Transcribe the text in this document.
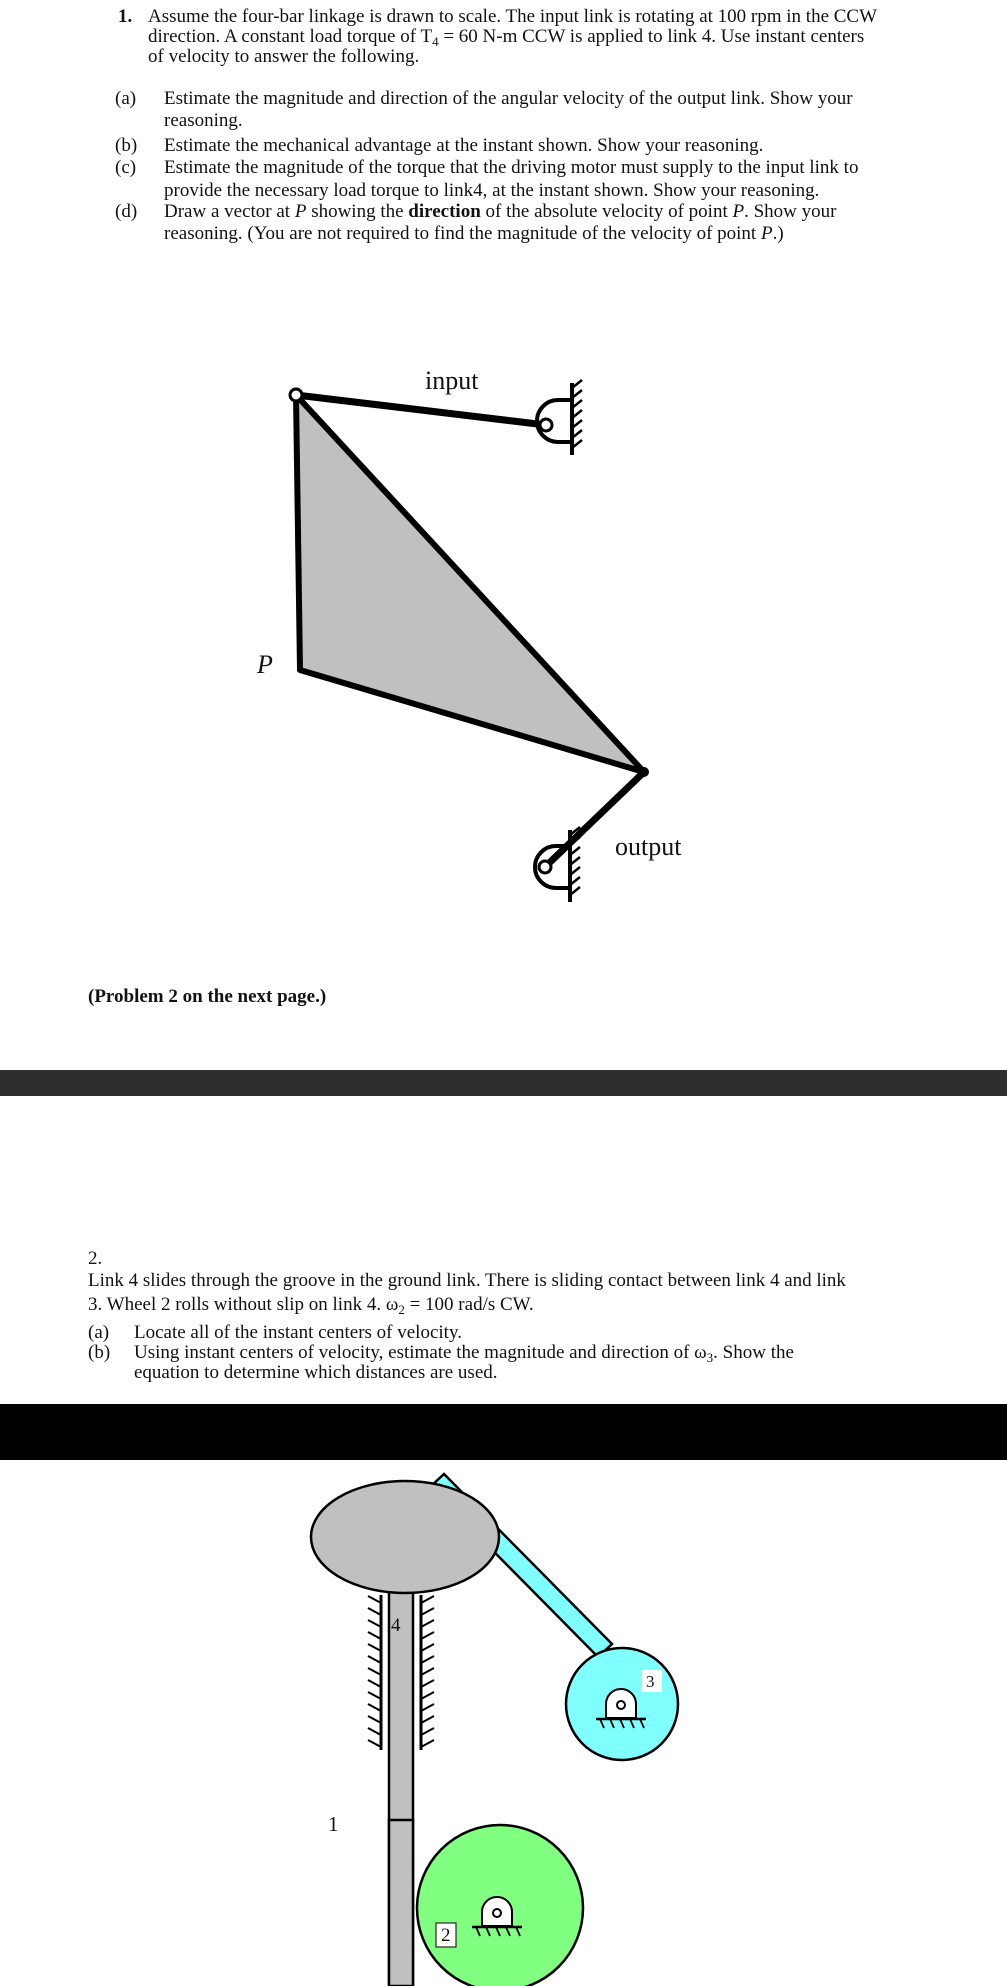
1. Assume the four-bar linkage is drawn to scale. The input link is rotating at 100 rpm in the CCW
direction. A constant load torque of $T_4 = 60$ N-m CCW is applied to link 4. Use instant centers
of velocity to answer the following.
(a) Estimate the magnitude and direction of the angular velocity of the output link. Show your
reasoning.
(b) Estimate the mechanical advantage at the instant shown. Show your reasoning.
(c) Estimate the magnitude of the torque that the driving motor must supply to the input link to
provide the necessary load torque to link4, at the instant shown. Show your reasoning.
(d) Draw a vector at P showing the direction of the absolute velocity of point P. Show your
reasoning. (You are not required to find the magnitude of the velocity of point P.)
input
output
P
(Problem 2 on the next page.)
2.
Link 4 slides through the groove in the ground link. There is sliding contact between link 4 and link
3. Wheel 2 rolls without slip on link 4. $\omega_2 = 100$ rad/s CW.
(a) Locate all of the instant centers of velocity.
(b) Using instant centers of velocity, estimate the magnitude and direction of $\omega_3$. Show the
equation to determine which distances are used.
4
3
1
2
